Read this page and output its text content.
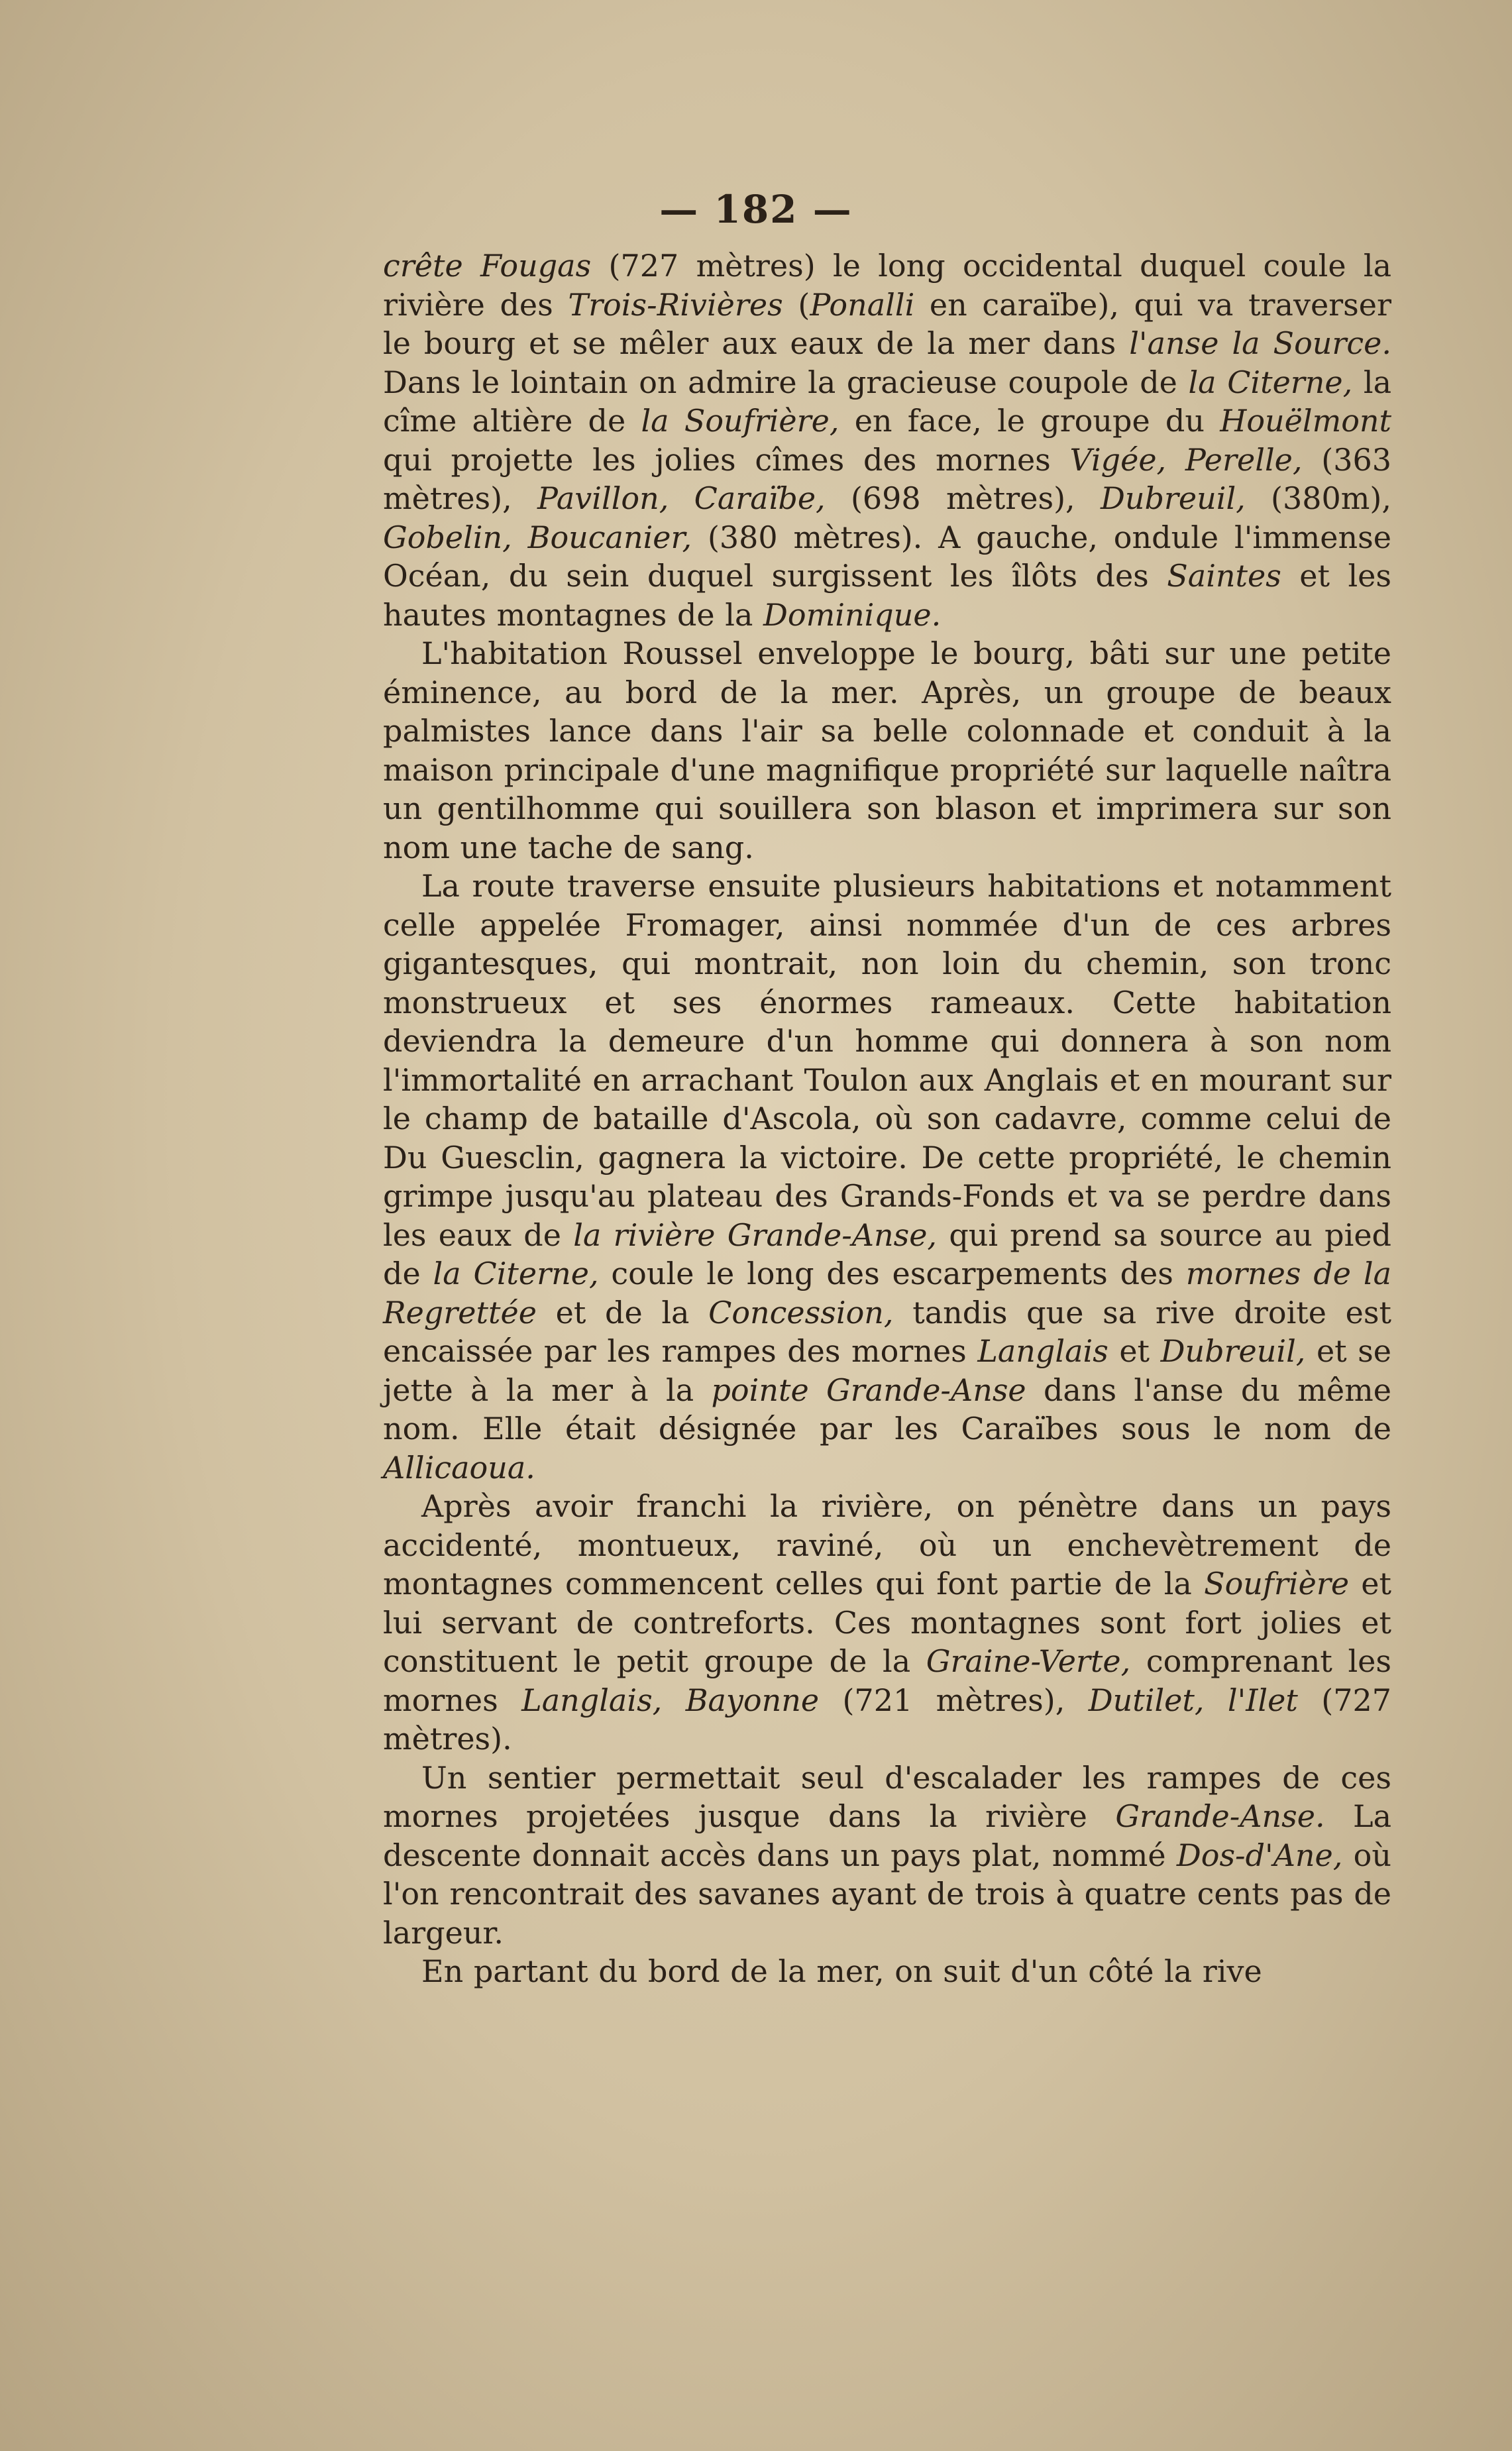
— 182 —

crête Fougas (727 mètres) le long occidental duquel coule la rivière des Trois-Rivières (Ponalli en caraïbe), qui va traverser le bourg et se mêler aux eaux de la mer dans l'anse la Source. Dans le lointain on admire la gracieuse coupole de la Citerne, la cîme altière de la Soufrière, en face, le groupe du Houëlmont qui projette les jolies cîmes des mornes Vigée, Perelle, (363 mètres), Pavillon, Caraïbe, (698 mètres), Dubreuil, (380m), Gobelin, Boucanier, (380 mètres). A gauche, ondule l'immense Océan, du sein duquel surgissent les îlôts des Saintes et les hautes montagnes de la Dominique.

L'habitation Roussel enveloppe le bourg, bâti sur une petite éminence, au bord de la mer. Après, un groupe de beaux palmistes lance dans l'air sa belle colonnade et conduit à la maison principale d'une magnifique propriété sur laquelle naîtra un gentilhomme qui souillera son blason et imprimera sur son nom une tache de sang.

La route traverse ensuite plusieurs habitations et notamment celle appelée Fromager, ainsi nommée d'un de ces arbres gigantesques, qui montrait, non loin du chemin, son tronc monstrueux et ses énormes rameaux. Cette habitation deviendra la demeure d'un homme qui donnera à son nom l'immortalité en arrachant Toulon aux Anglais et en mourant sur le champ de bataille d'Ascola, où son cadavre, comme celui de Du Guesclin, gagnera la victoire. De cette propriété, le chemin grimpe jusqu'au plateau des Grands-Fonds et va se perdre dans les eaux de la rivière Grande-Anse, qui prend sa source au pied de la Citerne, coule le long des escarpements des mornes de la Regrettée et de la Concession, tandis que sa rive droite est encaissée par les rampes des mornes Langlais et Dubreuil, et se jette à la mer à la pointe Grande-Anse dans l'anse du même nom. Elle était désignée par les Caraïbes sous le nom de Allicaoua.

Après avoir franchi la rivière, on pénètre dans un pays accidenté, montueux, raviné, où un enchevètrement de montagnes commencent celles qui font partie de la Soufrière et lui servant de contreforts. Ces montagnes sont fort jolies et constituent le petit groupe de la Graine-Verte, comprenant les mornes Langlais, Bayonne (721 mètres), Dutilet, l'Ilet (727 mètres).

Un sentier permettait seul d'escalader les rampes de ces mornes projetées jusque dans la rivière Grande-Anse. La descente donnait accès dans un pays plat, nommé Dos-d'Ane, où l'on rencontrait des savanes ayant de trois à quatre cents pas de largeur.

En partant du bord de la mer, on suit d'un côté la rive
